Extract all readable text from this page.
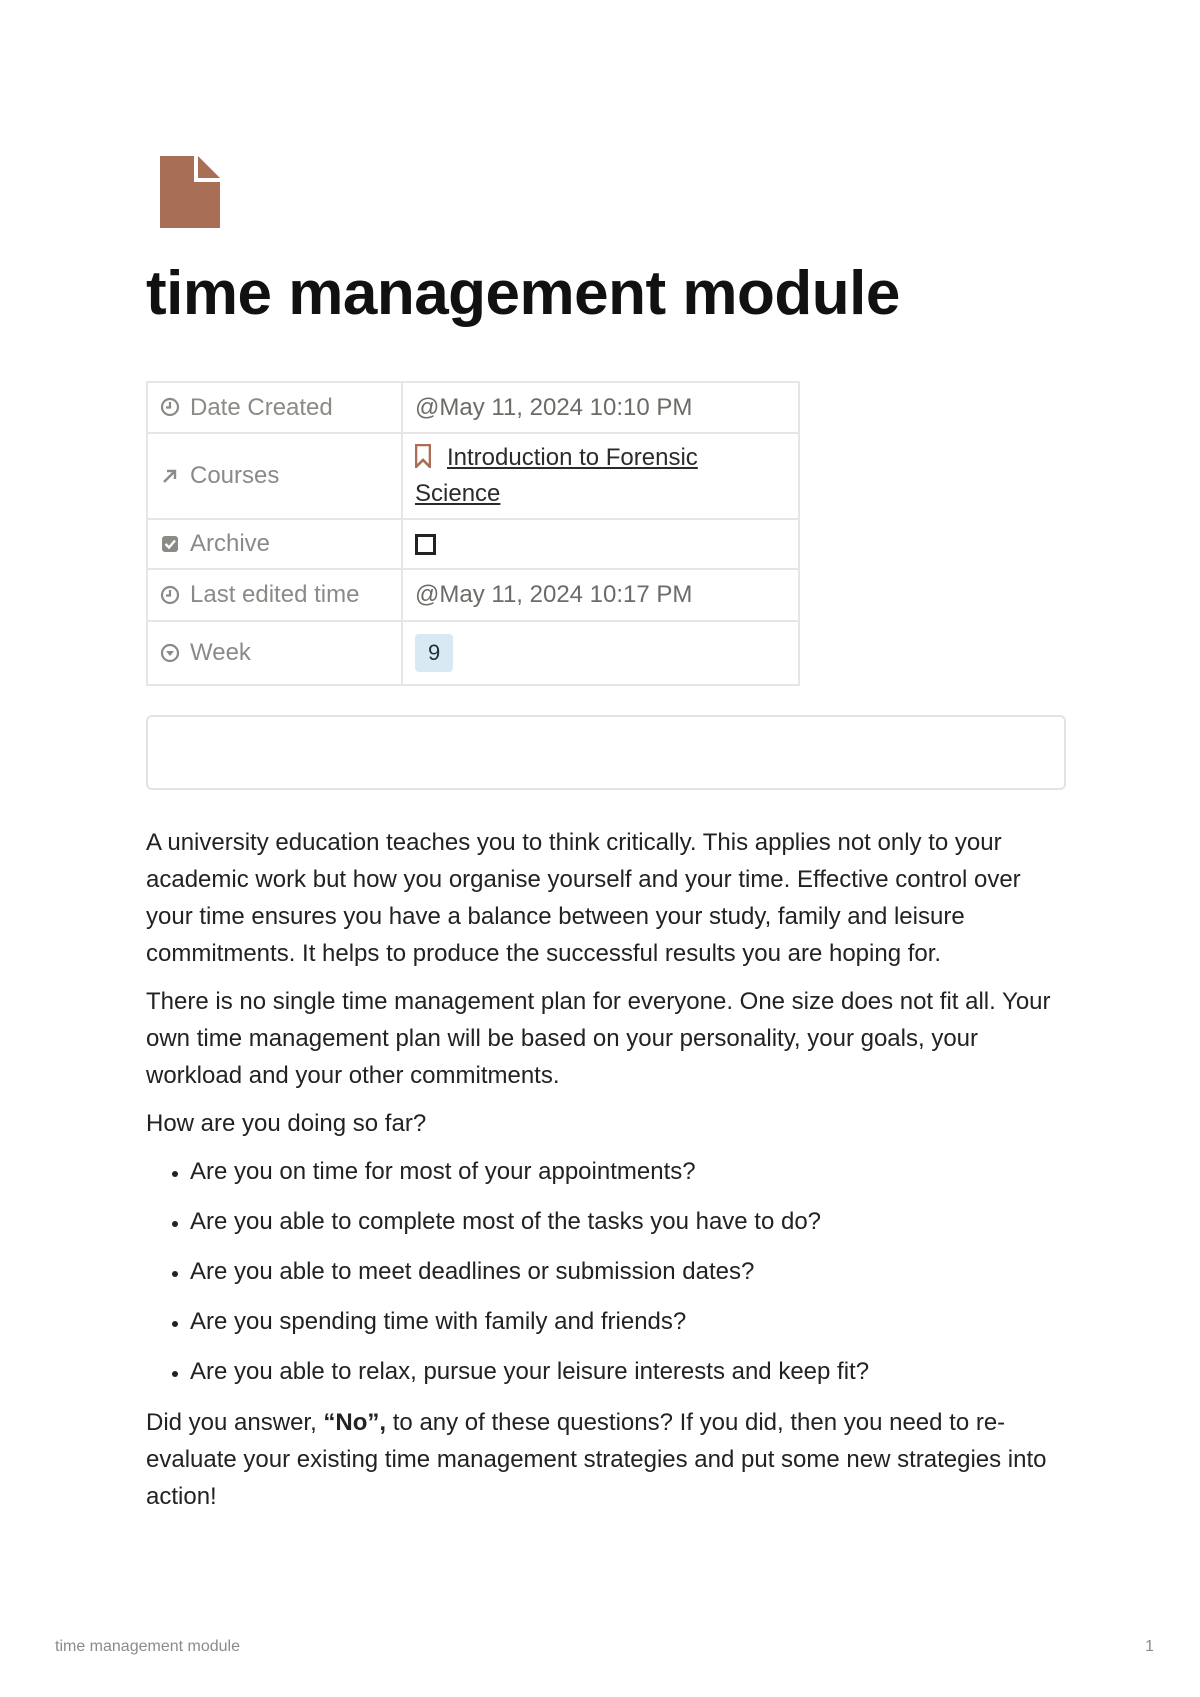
time management module
Date Created	@May 11, 2024 10:10 PM

Courses	Introduction to Forensic Science

Archive	

Last edited time	@May 11, 2024 10:17 PM

Week	9

A university education teaches you to think critically. This applies not only to your academic work but how you organise yourself and your time. Effective control over your time ensures you have a balance between your study, family and leisure commitments. It helps to produce the successful results you are hoping for.

There is no single time management plan for everyone. One size does not fit all. Your own time management plan will be based on your personality, your goals, your workload and your other commitments.

How are you doing so far?

• Are you on time for most of your appointments?
• Are you able to complete most of the tasks you have to do?
• Are you able to meet deadlines or submission dates?
• Are you spending time with family and friends?
• Are you able to relax, pursue your leisure interests and keep fit?

Did you answer, “No”, to any of these questions? If you did, then you need to re-evaluate your existing time management strategies and put some new strategies into action!

time management module	1
